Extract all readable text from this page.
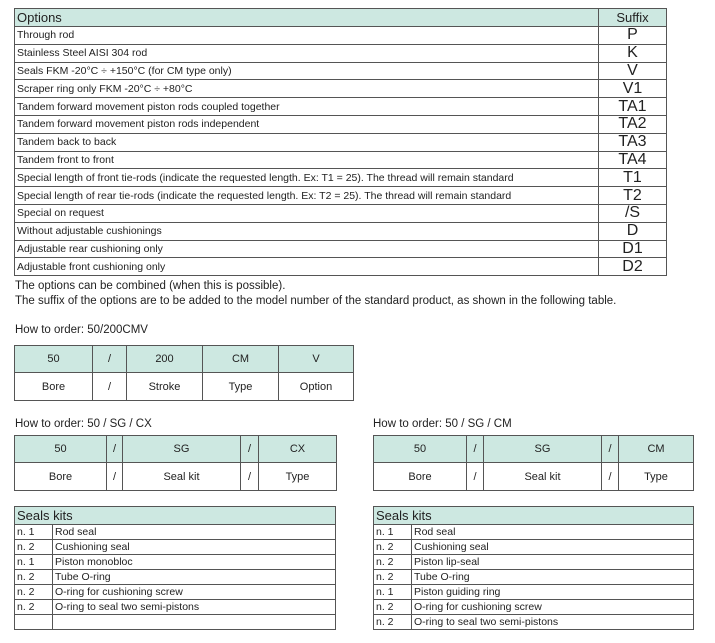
Options	Suffix
Through rod	P
Stainless Steel AISI 304 rod	K
Seals FKM -20°C ÷ +150°C (for CM type only)	V
Scraper ring only FKM -20°C ÷ +80°C	V1
Tandem forward movement piston rods coupled together	TA1
Tandem forward movement piston rods independent	TA2
Tandem back to back	TA3
Tandem front to front	TA4
Special length of front tie-rods (indicate the requested length. Ex: T1 = 25). The thread will remain standard	T1
Special length of rear tie-rods (indicate the requested length. Ex: T2 = 25). The thread will remain standard	T2
Special on request	/S
Without adjustable cushionings	D
Adjustable rear cushioning only	D1
Adjustable front cushioning only	D2
The options can be combined (when this is possible).
The suffix of the options are to be added to the model number of the standard product, as shown in the following table.
How to order: 50/200CMV
50	/	200	CM	V
Bore	/	Stroke	Type	Option
How to order: 50 / SG / CX
50	/	SG	/	CX
Bore	/	Seal kit	/	Type
How to order: 50 / SG / CM
50	/	SG	/	CM
Bore	/	Seal kit	/	Type
Seals kits	
n. 1	Rod seal
n. 2	Cushioning seal
n. 1	Piston monobloc
n. 2	Tube O-ring
n. 2	O-ring for cushioning screw
n. 2	O-ring to seal two semi-pistons

Seals kits	
n. 1	Rod seal
n. 2	Cushioning seal
n. 2	Piston lip-seal
n. 2	Tube O-ring
n. 1	Piston guiding ring
n. 2	O-ring for cushioning screw
n. 2	O-ring to seal two semi-pistons
